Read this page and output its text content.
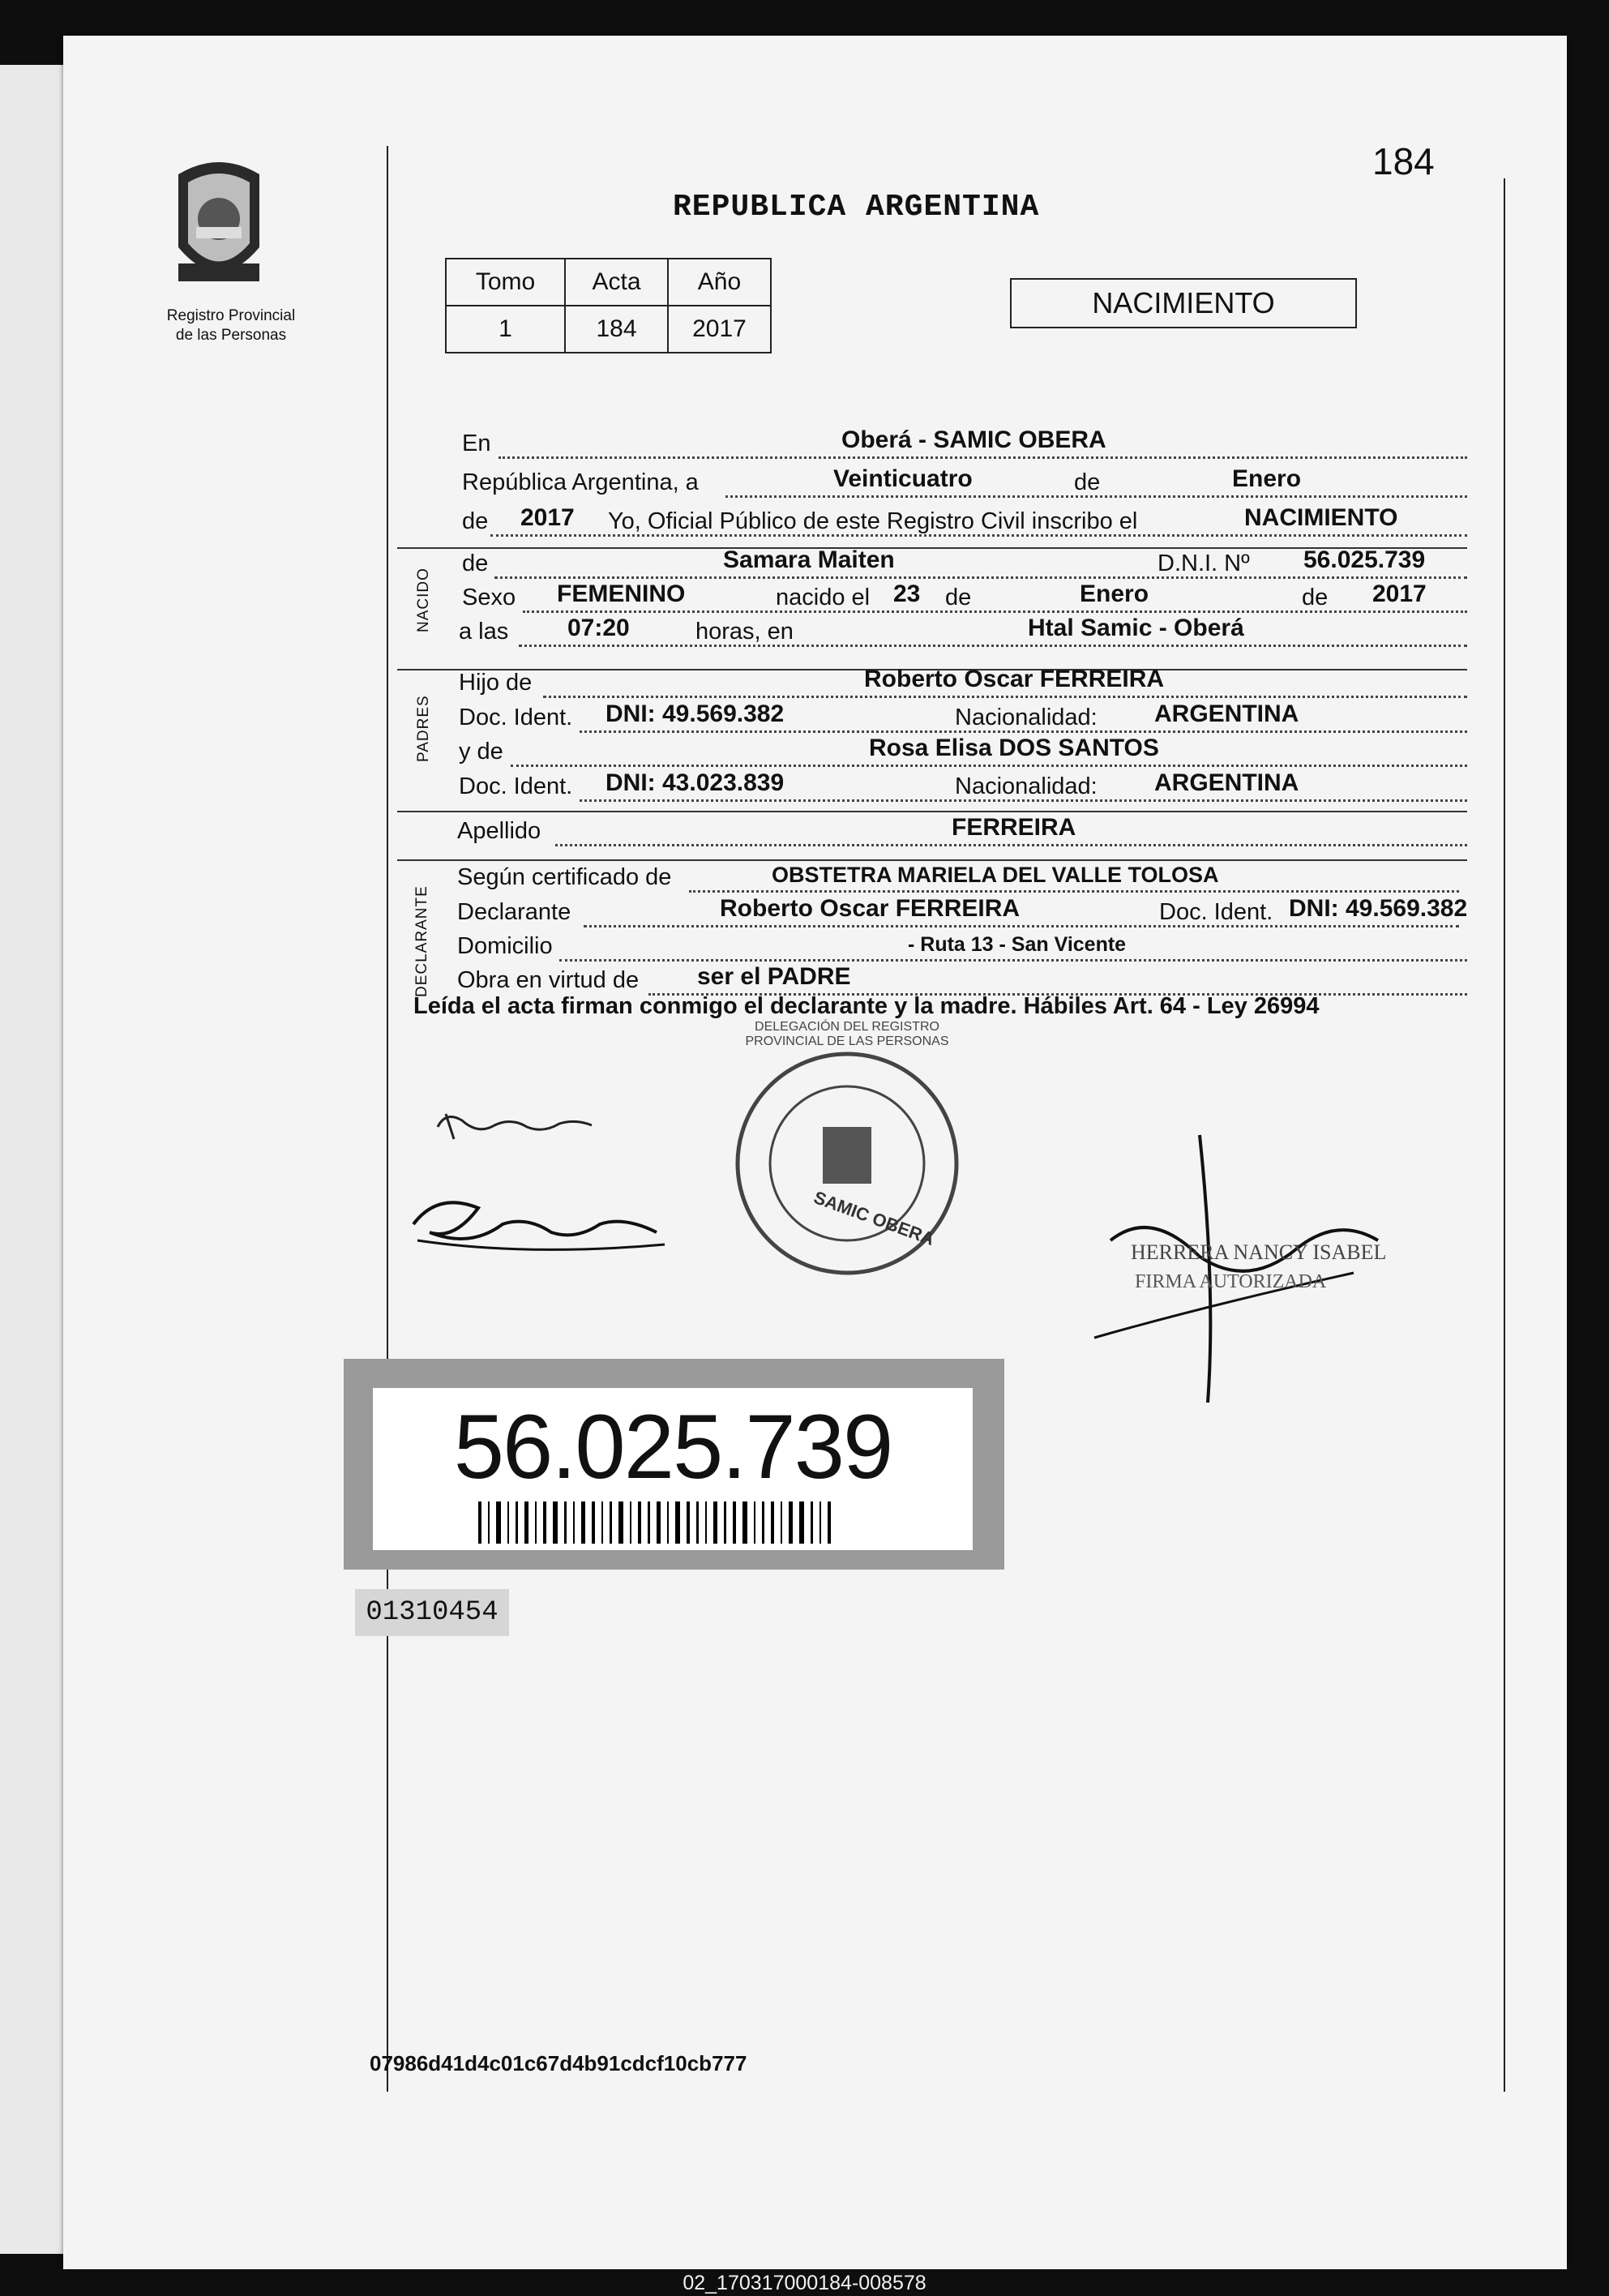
Registro Provincial
de las Personas
184
REPUBLICA ARGENTINA
Tomo	Acta	Año
1	184	2017
NACIMIENTO
En	Oberá - SAMIC OBERA
República Argentina, a	Veinticuatro	de	Enero
de 2017 Yo, Oficial Público de este Registro Civil inscribo el	NACIMIENTO
NACIDO
de	Samara Maiten	D.N.I. Nº 56.025.739
Sexo FEMENINO	nacido el 23 de	Enero	de 2017
a las 07:20	horas, en	Htal Samic - Oberá
PADRES
Hijo de	Roberto Oscar FERREIRA
Doc. Ident. DNI: 49.569.382	Nacionalidad: ARGENTINA
y de	Rosa Elisa DOS SANTOS
Doc. Ident. DNI: 43.023.839	Nacionalidad: ARGENTINA
Apellido	FERREIRA
DECLARANTE
Según certificado de	OBSTETRA MARIELA DEL VALLE TOLOSA
Declarante	Roberto Oscar FERREIRA	Doc. Ident. DNI: 49.569.382
Domicilio	- Ruta 13 - San Vicente
Obra en virtud de ser el PADRE
Leída el acta firman conmigo el declarante y la madre. Hábiles Art. 64 - Ley 26994
SAMIC OBERA
DELEGACIÓN DEL REGISTRO PROVINCIAL DE LAS PERSONAS
HERRERA NANCY ISABEL
FIRMA AUTORIZADA
56.025.739
01310454
07986d41d4c01c67d4b91cdcf10cb777
02_170317000184-008578
